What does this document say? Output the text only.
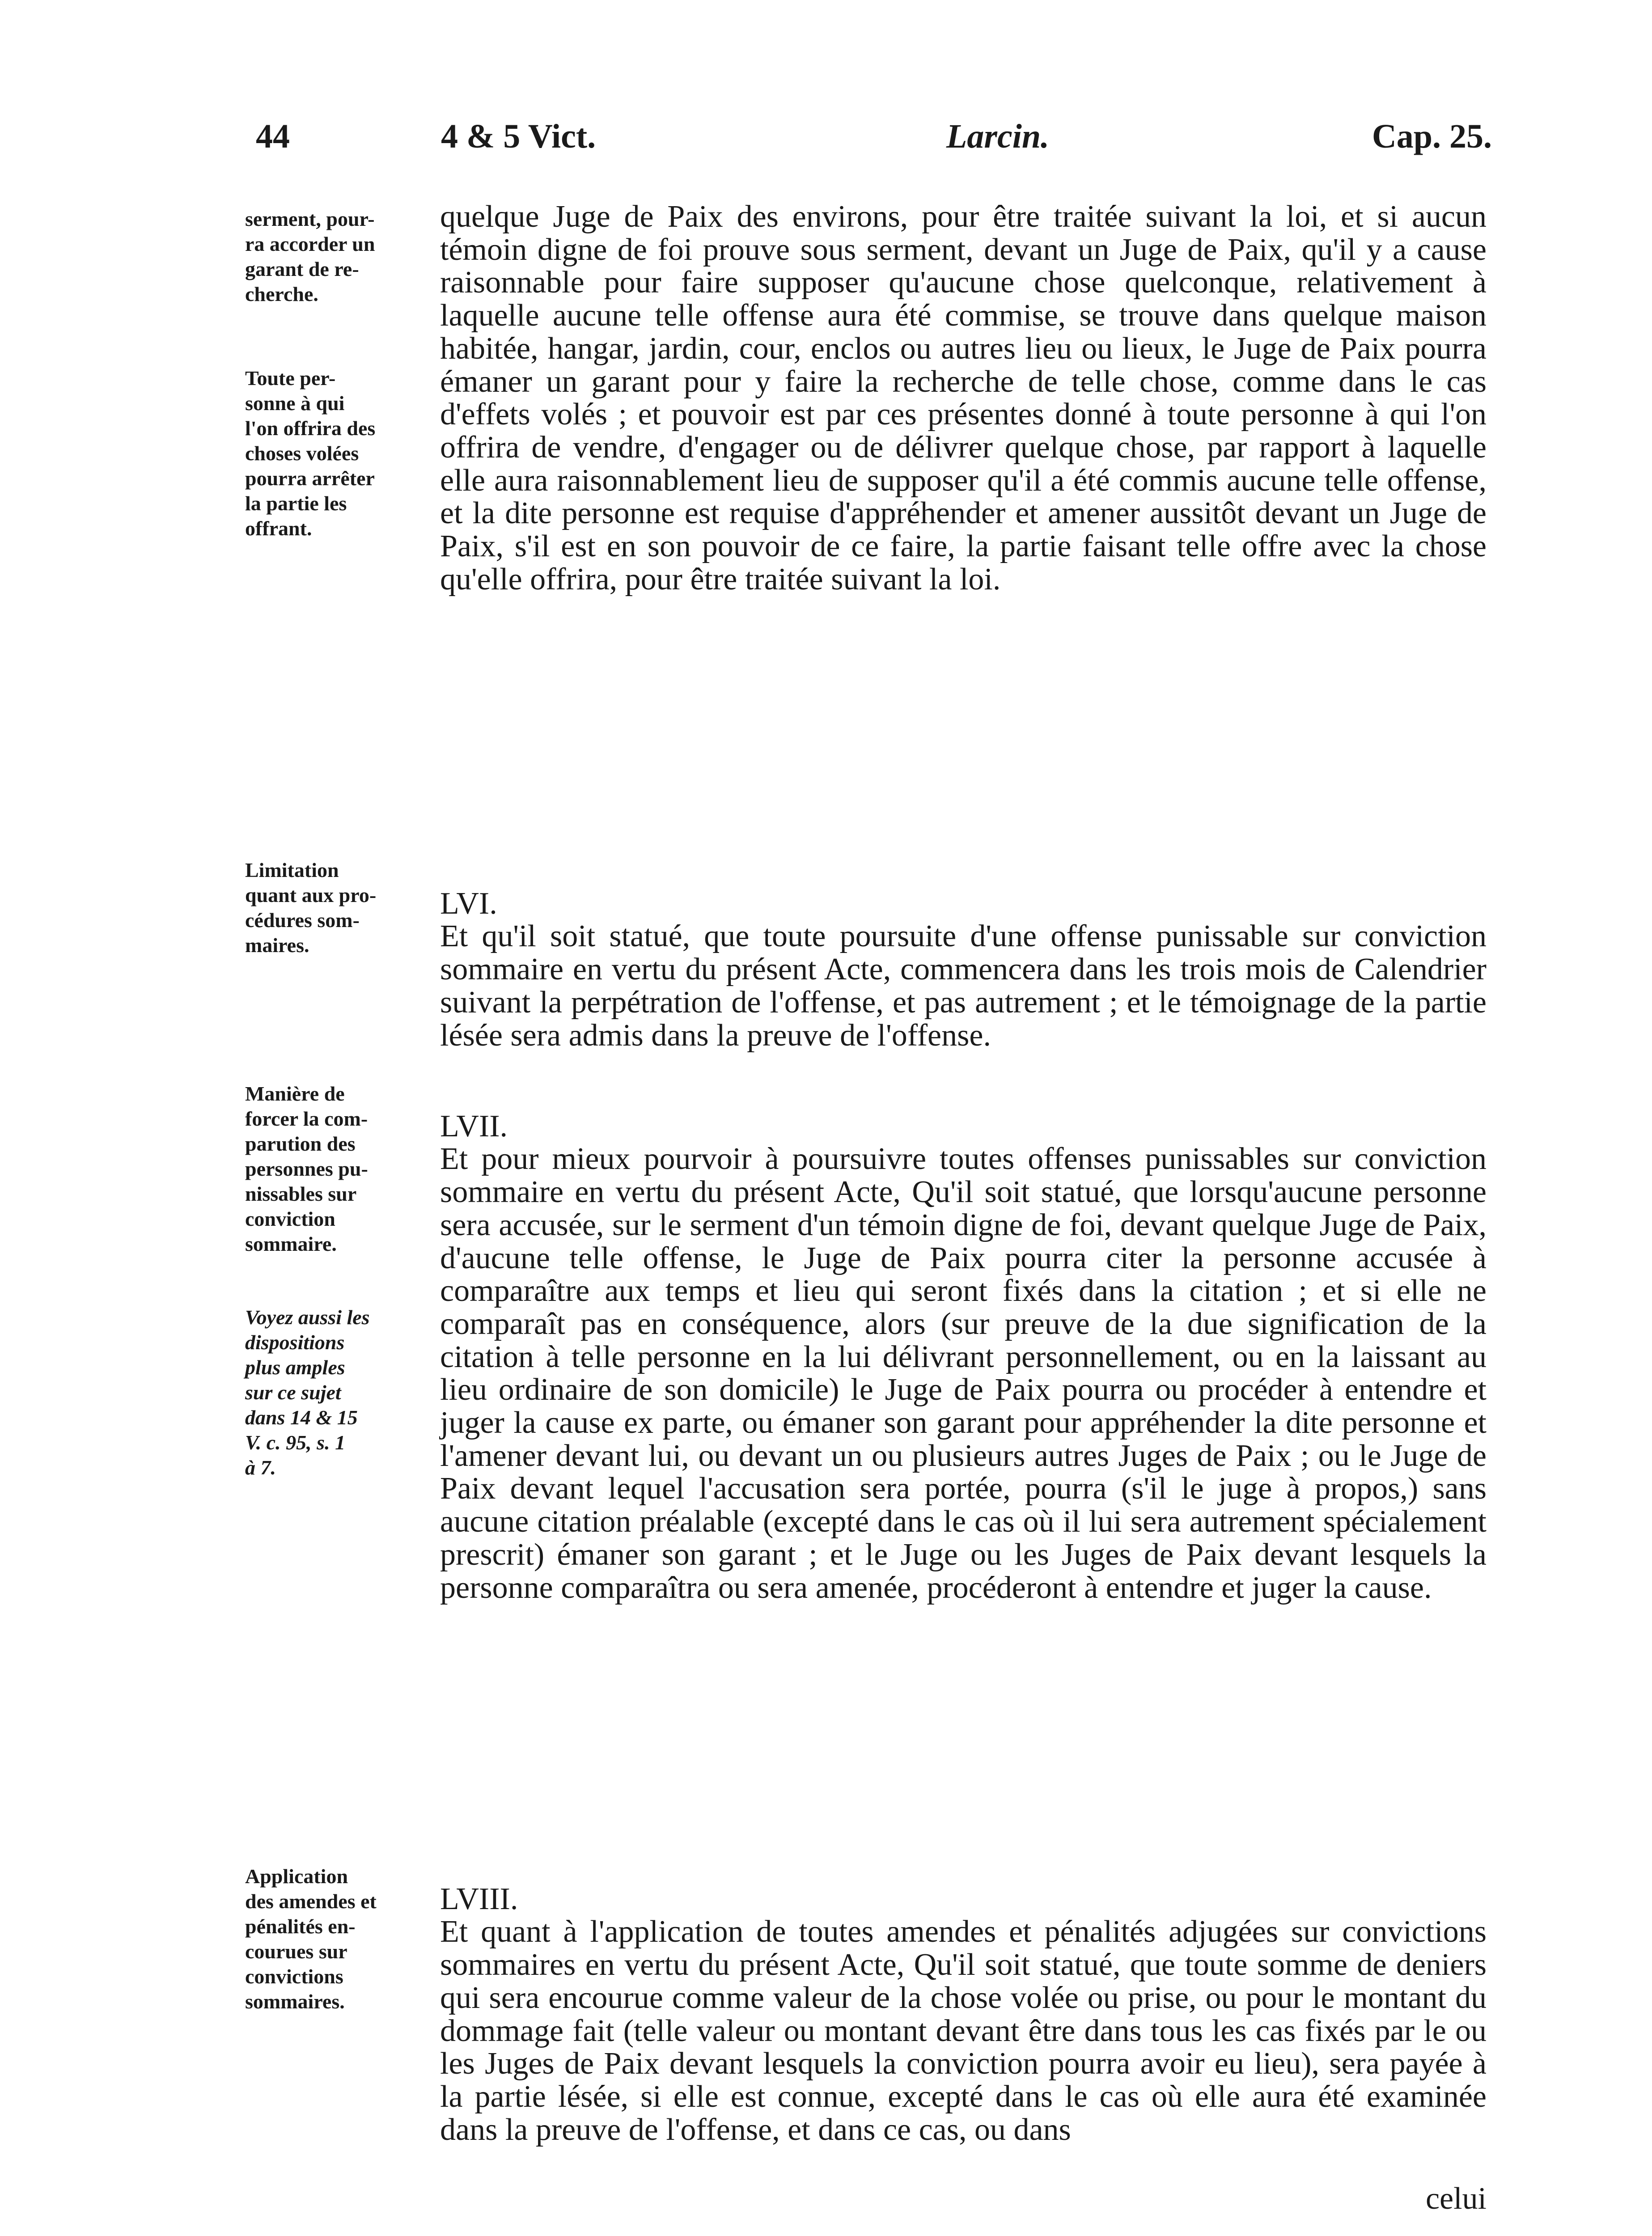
44	4 & 5 Vict.	Larcin.	Cap. 25.
serment, pour-
ra accorder un
garant de re-
cherche.
Toute per-
sonne à qui
l'on offrira des
choses volées
pourra arrêter
la partie les
offrant.
Limitation
quant aux pro-
cédures som-
maires.
Manière de
forcer la com-
parution des
personnes pu-
nissables sur
conviction
sommaire.
Voyez aussi les
dispositions
plus amples
sur ce sujet
dans 14 & 15
V. c. 95, s. 1
à 7.
Application
des amendes et
pénalités en-
courues sur
convictions
sommaires.
quelque Juge de Paix des environs, pour être traitée suivant la loi, et si aucun témoin digne de foi prouve sous serment, devant un Juge de Paix, qu'il y a cause raisonnable pour faire supposer qu'aucune chose quelconque, relativement à laquelle aucune telle offense aura été commise, se trouve dans quelque maison habitée, hangar, jardin, cour, enclos ou autres lieu ou lieux, le Juge de Paix pourra émaner un garant pour y faire la recherche de telle chose, comme dans le cas d'effets volés ; et pouvoir est par ces présentes donné à toute personne à qui l'on offrira de vendre, d'engager ou de délivrer quelque chose, par rapport à laquelle elle aura raisonnablement lieu de supposer qu'il a été commis aucune telle offense, et la dite personne est requise d'appréhender et amener aussitôt devant un Juge de Paix, s'il est en son pouvoir de ce faire, la partie faisant telle offre avec la chose qu'elle offrira, pour être traitée suivant la loi.

LVI.
Et qu'il soit statué, que toute poursuite d'une offense punissable sur conviction sommaire en vertu du présent Acte, commencera dans les trois mois de Calendrier suivant la perpétration de l'offense, et pas autrement ; et le témoignage de la partie lésée sera admis dans la preuve de l'offense.

LVII.
Et pour mieux pourvoir à poursuivre toutes offenses punissables sur conviction sommaire en vertu du présent Acte, Qu'il soit statué, que lorsqu'aucune personne sera accusée, sur le serment d'un témoin digne de foi, devant quelque Juge de Paix, d'aucune telle offense, le Juge de Paix pourra citer la personne accusée à comparaître aux temps et lieu qui seront fixés dans la citation ; et si elle ne comparaît pas en conséquence, alors (sur preuve de la due signification de la citation à telle personne en la lui délivrant personnellement, ou en la laissant au lieu ordinaire de son domicile) le Juge de Paix pourra ou procéder à entendre et juger la cause ex parte, ou émaner son garant pour appréhender la dite personne et l'amener devant lui, ou devant un ou plusieurs autres Juges de Paix ; ou le Juge de Paix devant lequel l'accusation sera portée, pourra (s'il le juge à propos,) sans aucune citation préalable (excepté dans le cas où il lui sera autrement spécialement prescrit) émaner son garant ; et le Juge ou les Juges de Paix devant lesquels la personne comparaîtra ou sera amenée, procéderont à entendre et juger la cause.

LVIII.
Et quant à l'application de toutes amendes et pénalités adjugées sur convictions sommaires en vertu du présent Acte, Qu'il soit statué, que toute somme de deniers qui sera encourue comme valeur de la chose volée ou prise, ou pour le montant du dommage fait (telle valeur ou montant devant être dans tous les cas fixés par le ou les Juges de Paix devant lesquels la conviction pourra avoir eu lieu), sera payée à la partie lésée, si elle est connue, excepté dans le cas où elle aura été examinée dans la preuve de l'offense, et dans ce cas, ou dans

celui
